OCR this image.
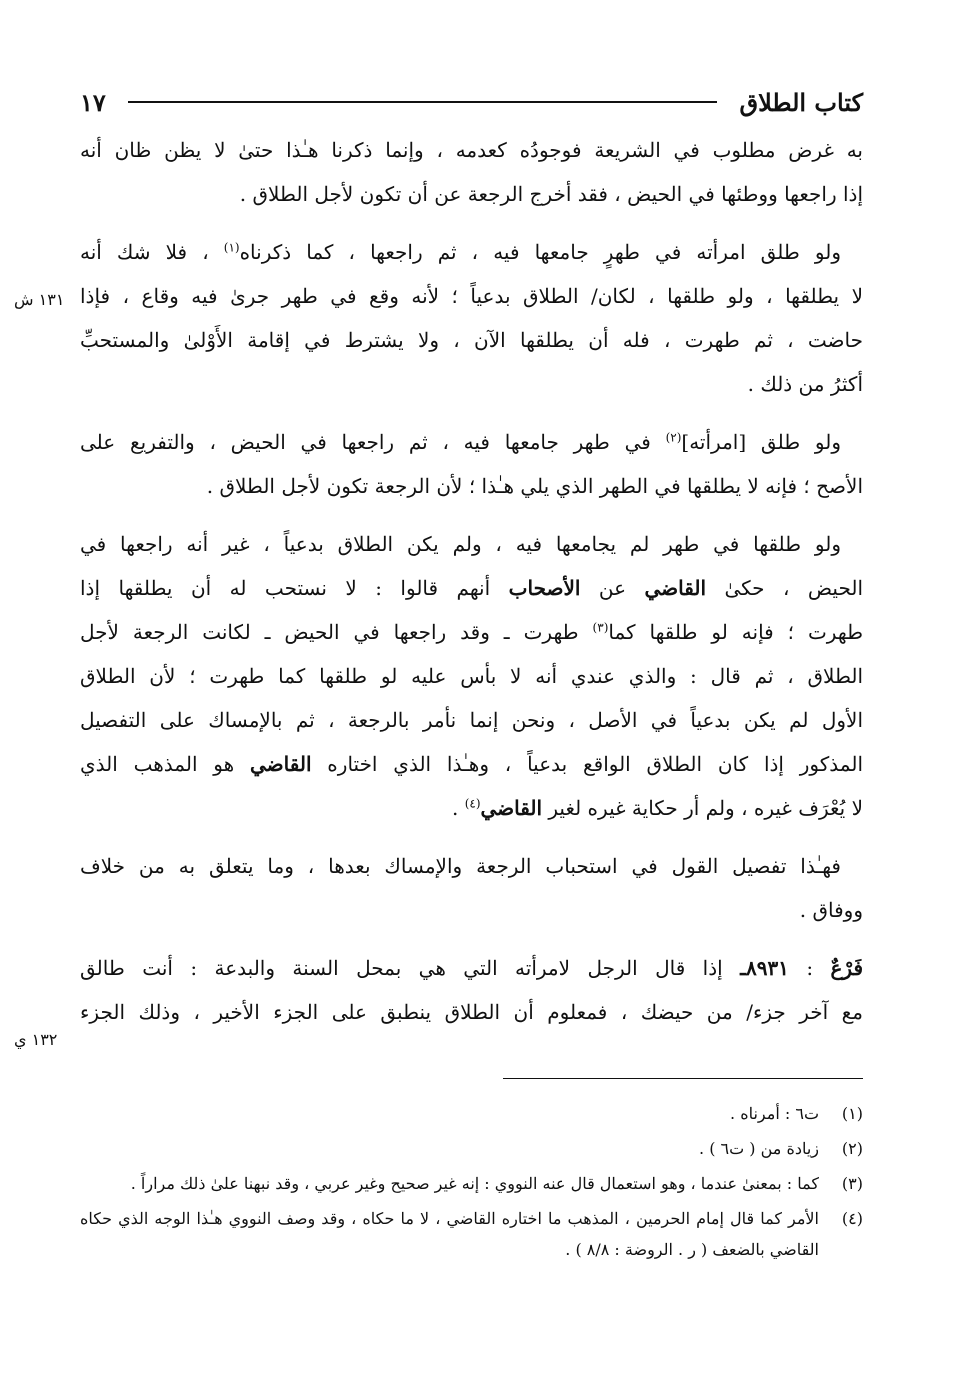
كتاب الطلاق
١٧
١٣١ ش
١٣٢ ي
به غرض مطلوب في الشريعة فوجودُه كعدمه ، وإنما ذكرنا هـٰذا حتىٰ لا يظن ظان أنه
إذا راجعها ووطئها في الحيض ، فقد أخرج الرجعة عن أن تكون لأجل الطلاق .
ولو طلق امرأته في طهرٍ جامعها فيه ، ثم راجعها ، كما ذكرناه$^{(١)}$ ، فلا شك أنه
لا يطلقها ، ولو طلقها ، لكان/ الطلاق بدعياً ؛ لأنه وقع في طهر جرىٰ فيه وقاع ، فإذا
حاضت ، ثم طهرت ، فله أن يطلقها الآن ، ولا يشترط في إقامة الأَوْلىٰ والمستحبِّ
أكثرُ من ذلك .
ولو طلق [امرأته]$^{(٢)}$ في طهر جامعها فيه ، ثم راجعها في الحيض ، والتفريع على
الأصح ؛ فإنه لا يطلقها في الطهر الذي يلي هـٰذا ؛ لأن الرجعة تكون لأجل الطلاق .
ولو طلقها في طهر لم يجامعها فيه ، ولم يكن الطلاق بدعياً ، غير أنه راجعها في
الحيض ، حكىٰ القاضي عن الأصحاب أنهم قالوا : لا نستحب له أن يطلقها إذا
طهرت ؛ فإنه لو طلقها كما$^{(٣)}$ طهرت ـ وقد راجعها في الحيض ـ لكانت الرجعة لأجل
الطلاق ، ثم قال : والذي عندي أنه لا بأس عليه لو طلقها كما طهرت ؛ لأن الطلاق
الأول لم يكن بدعياً في الأصل ، ونحن إنما نأمر بالرجعة ، ثم بالإمساك على التفصيل
المذكور إذا كان الطلاق الواقع بدعياً ، وهـٰذا الذي اختاره القاضي هو المذهب الذي
لا يُعْرَف غيره ، ولم أر حكاية غيره لغير القاضي$^{(٤)}$ .
فهـٰذا تفصيل القول في استحباب الرجعة والإمساك بعدها ، وما يتعلق به من خلاف
ووفاق .
فَرْعٌ : ٨٩٣١ـ إذا قال الرجل لامرأته التي هي بمحل السنة والبدعة : أنت طالق
مع آخر جزء/ من حيضك ، فمعلوم أن الطلاق ينطبق على الجزء الأخير ، وذلك الجزء
(١)
ت٦ : أمرناه .
(٢)
زيادة من ( ت٦ ) .
(٣)
كما : بمعنىٰ عندما ، وهو استعمال قال عنه النووي : إنه غير صحيح وغير عربي ، وقد نبهنا علىٰ ذلك مراراً .
(٤)
الأمر كما قال إمام الحرمين ، المذهب ما اختاره القاضي ، لا ما حكاه ، وقد وصف النووي هـٰذا الوجه الذي حكاه القاضي بالضعف ( ر . الروضة : ٨/٨ ) .
